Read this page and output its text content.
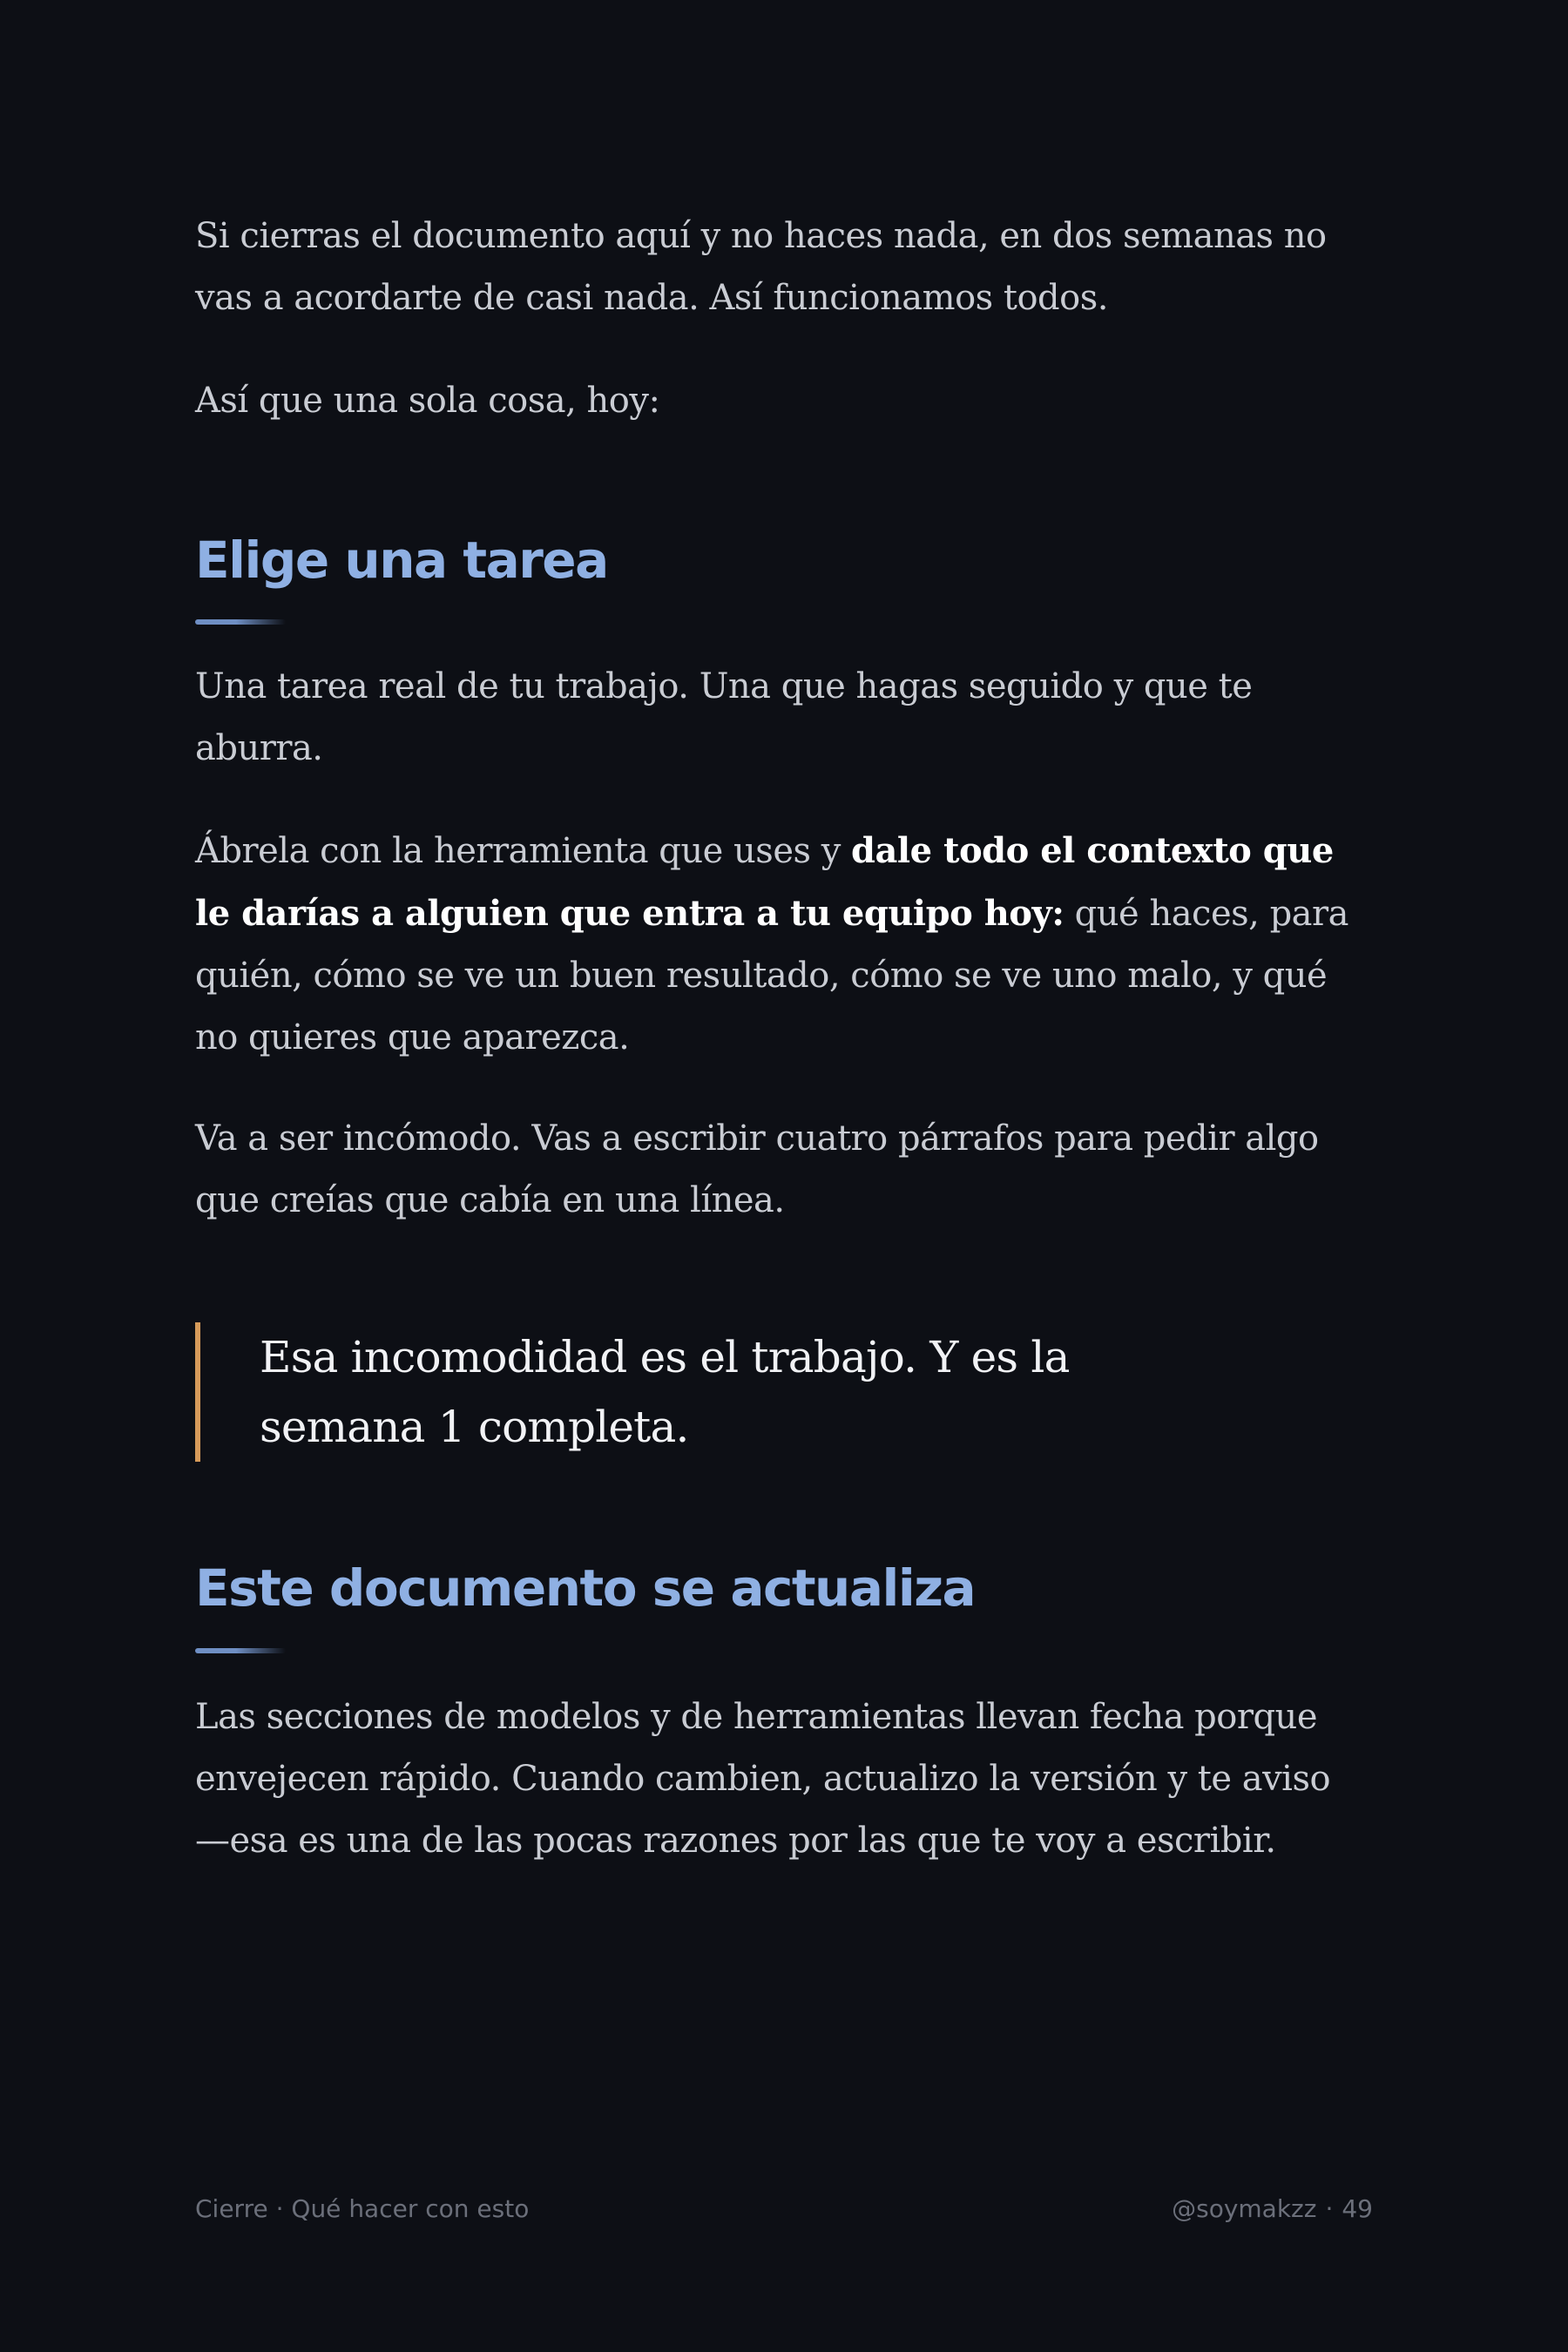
Si cierras el documento aquí y no haces nada, en dos semanas no vas a acordarte de casi nada. Así funcionamos todos.

Así que una sola cosa, hoy:

Elige una tarea

Una tarea real de tu trabajo. Una que hagas seguido y que te aburra.

Ábrela con la herramienta que uses y dale todo el contexto que le darías a alguien que entra a tu equipo hoy: qué haces, para quién, cómo se ve un buen resultado, cómo se ve uno malo, y qué no quieres que aparezca.

Va a ser incómodo. Vas a escribir cuatro párrafos para pedir algo que creías que cabía en una línea.

Esa incomodidad es el trabajo. Y es la semana 1 completa.

Este documento se actualiza

Las secciones de modelos y de herramientas llevan fecha porque envejecen rápido. Cuando cambien, actualizo la versión y te aviso —esa es una de las pocas razones por las que te voy a escribir.

Cierre · Qué hacer con esto	@soymakzz · 49
